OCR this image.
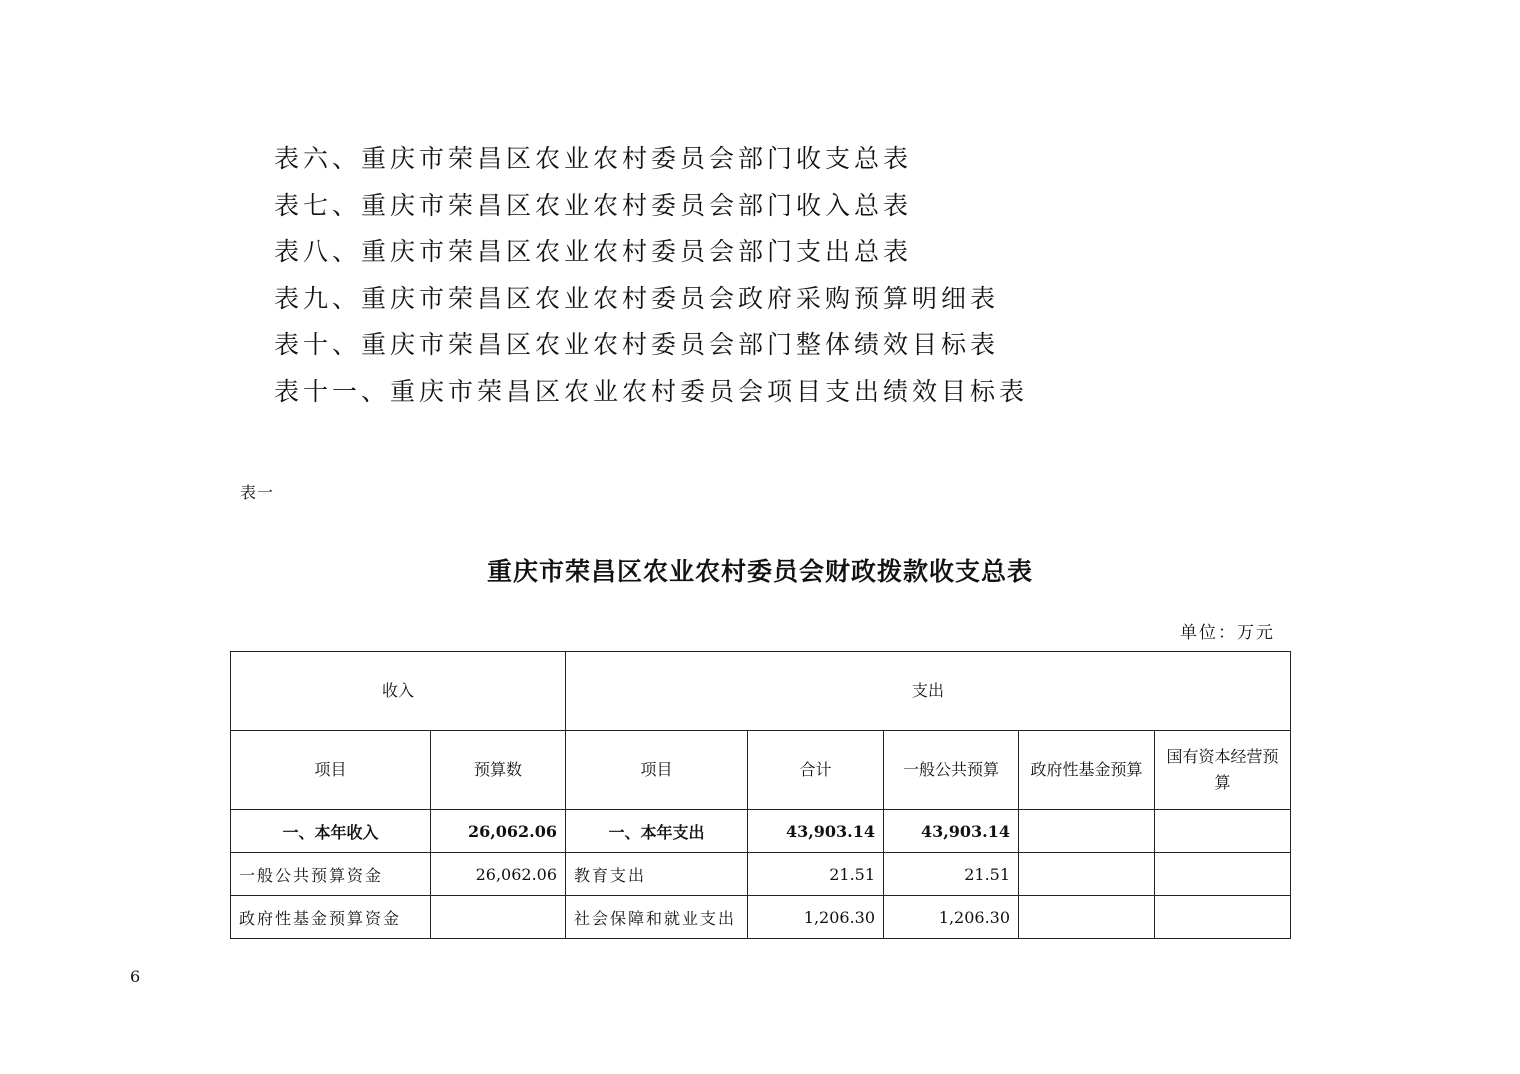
表六、重庆市荣昌区农业农村委员会部门收支总表
表七、重庆市荣昌区农业农村委员会部门收入总表
表八、重庆市荣昌区农业农村委员会部门支出总表
表九、重庆市荣昌区农业农村委员会政府采购预算明细表
表十、重庆市荣昌区农业农村委员会部门整体绩效目标表
表十一、重庆市荣昌区农业农村委员会项目支出绩效目标表
表一
重庆市荣昌区农业农村委员会财政拨款收支总表
单位：万元
收入		支出				
项目	预算数	项目	合计	一般公共预算	政府性基金预算	国有资本经营预算
一、本年收入	26,062.06	一、本年支出	43,903.14	43,903.14		
一般公共预算资金	26,062.06	教育支出	21.51	21.51		
政府性基金预算资金		社会保障和就业支出	1,206.30	1,206.30		
6
